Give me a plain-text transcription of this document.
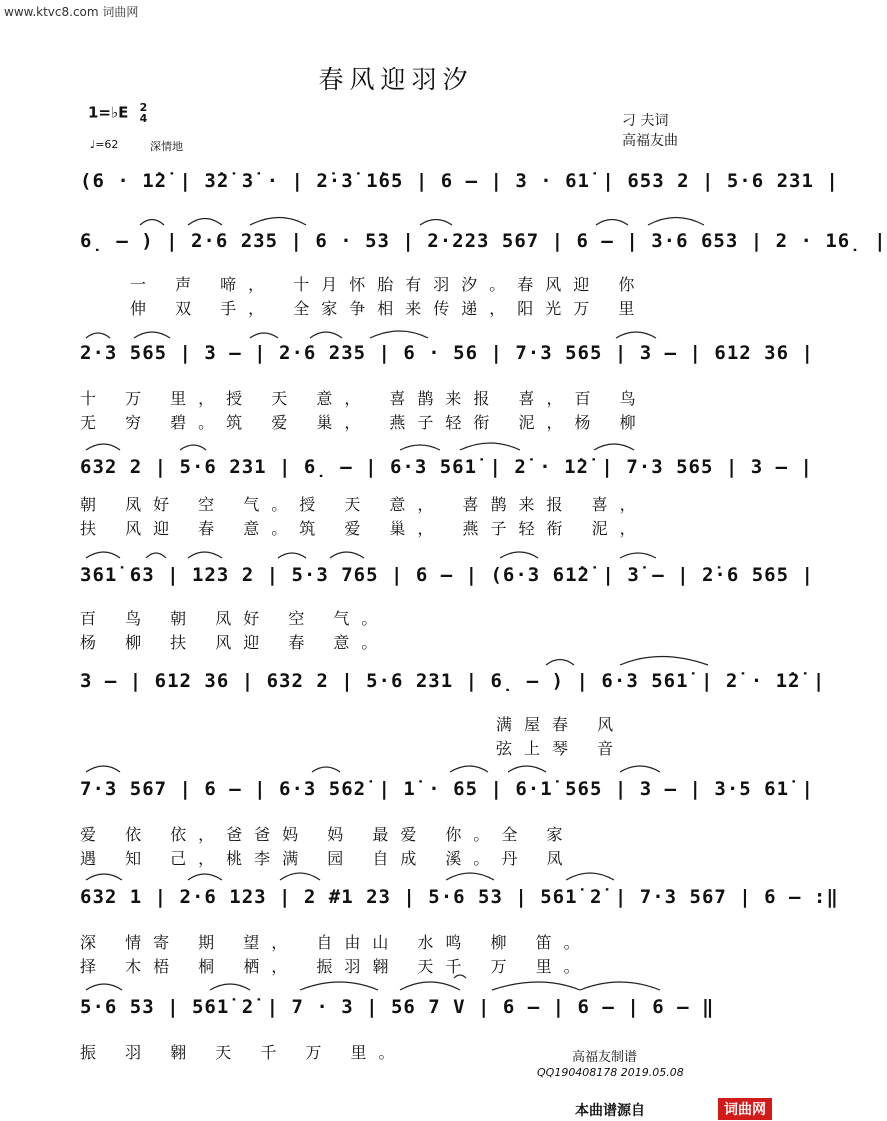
www.ktvc8.com 词曲网
春风迎羽汐
1=♭E 2
4
♩=62	深情地
刁 夫词
高福友曲
(6 · 1̇2̇ | 3̇2̇ 3̇ · | 2̇·3̇ 1̇65 | 6 – | 3 · 61̇ | 653 2 | 5·6 231 |
6̣ – ) | 2·6 235 | 6 · 53 | 2·223 567 | 6 – | 3·6 653 | 2 · 16̣ |
一 声 啼， 十月怀胎有羽汐。春风迎 你
伸 双 手， 全家争相来传递，阳光万 里
2·3 565 | 3 – | 2·6 235 | 6 · 56 | 7·3 565 | 3 – | 612 36 |
十 万 里，授 天 意， 喜鹊来报 喜，百 鸟
无 穷 碧。筑 爱 巢， 燕子轻衔 泥，杨 柳
632 2 | 5·6 231 | 6̣ – | 6·3 561̇ | 2̇ · 1̇2̇ | 7·3 565 | 3 – |
朝 凤好 空 气。授 天 意， 喜鹊来报 喜，
扶 风迎 春 意。筑 爱 巢， 燕子轻衔 泥，
361̇ 63 | 123 2 | 5·3 765 | 6 – | (6·3 61̇2̇ | 3̇ – | 2̇·6 565 |
百 鸟 朝 凤好 空 气。
杨 柳 扶 风迎 春 意。
3 – | 612 36 | 632 2 | 5·6 231 | 6̣ – ) | 6·3 561̇ | 2̇ · 1̇2̇ |
满屋春 风
弦上琴 音
7·3 567 | 6 – | 6·3 562̇ | 1̇ · 65 | 6·1̇ 565 | 3 – | 3·5 61̇ |
爱 依 依，爸爸妈 妈 最爱 你。全 家
遇 知 己，桃李满 园 自成 溪。丹 凤
632 1 | 2·6 123 | 2 #1 23 | 5·6 53 | 561̇ 2̇ | 7·3 567 | 6 – :‖
深 情寄 期 望， 自由山 水鸣 柳 笛。
择 木梧 桐 栖， 振羽翱 天千 万 里。
5·6 53 | 561̇ 2̇ | 7 · 3 | 56 7 V | 6 – | 6 – | 6 – ‖
振 羽 翱 天 千 万 里。	高福友制谱
QQ190408178 2019.05.08
本曲谱源自	词曲网
